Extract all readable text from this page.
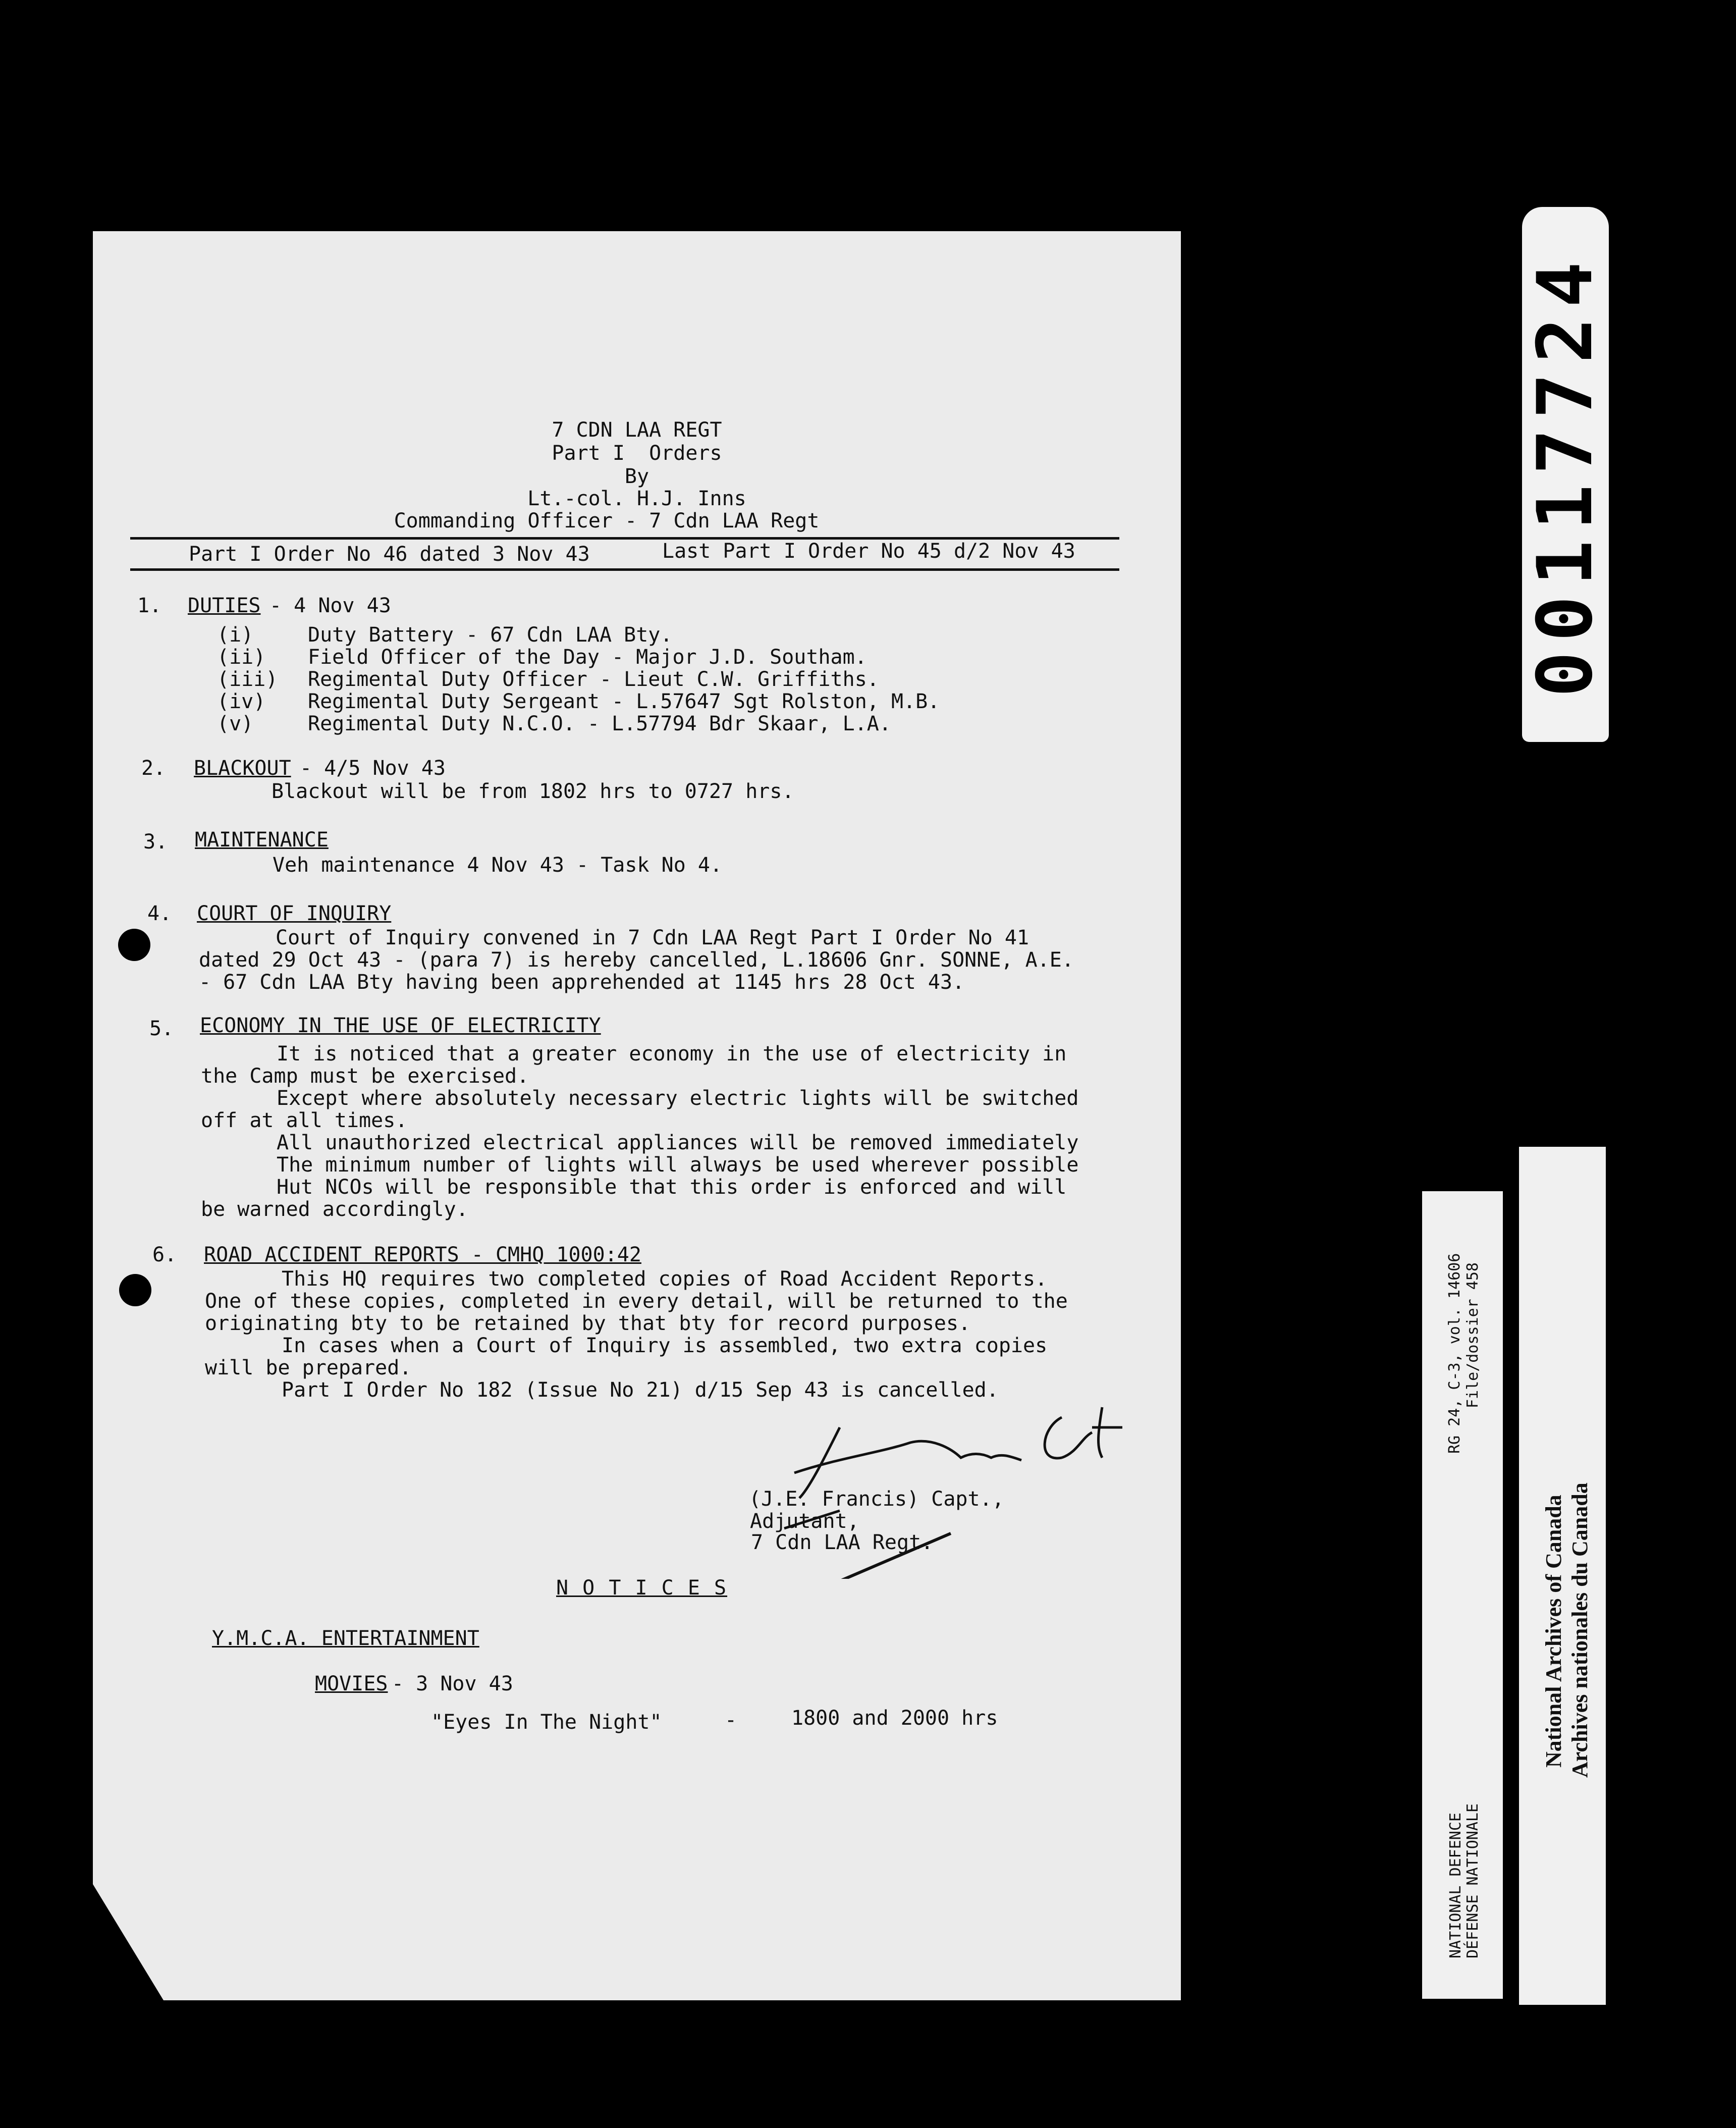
7 CDN LAA REGT
Part I  Orders
By
Lt.-col. H.J. Inns
Commanding Officer - 7 Cdn LAA Regt
Part I Order No 46 dated 3 Nov 43	Last Part I Order No 45 d/2 Nov 43
1. DUTIES - 4 Nov 43
(i)	Duty Battery - 67 Cdn LAA Bty.
(ii) Field Officer of the Day - Major J.D. Southam.
(iii) Regimental Duty Officer - Lieut C.W. Griffiths.
(iv) Regimental Duty Sergeant - L.57647 Sgt Rolston, M.B.
(v)	Regimental Duty N.C.O. - L.57794 Bdr Skaar, L.A.
2. BLACKOUT - 4/5 Nov 43
Blackout will be from 1802 hrs to 0727 hrs.
3. MAINTENANCE
Veh maintenance 4 Nov 43 - Task No 4.
4. COURT OF INQUIRY
Court of Inquiry convened in 7 Cdn LAA Regt Part I Order No 41
dated 29 Oct 43 - (para 7) is hereby cancelled, L.18606 Gnr. SONNE, A.E.
- 67 Cdn LAA Bty having been apprehended at 1145 hrs 28 Oct 43.
5. ECONOMY IN THE USE OF ELECTRICITY
It is noticed that a greater economy in the use of electricity in
the Camp must be exercised.
Except where absolutely necessary electric lights will be switched
off at all times.
All unauthorized electrical appliances will be removed immediately
The minimum number of lights will always be used wherever possible
Hut NCOs will be responsible that this order is enforced and will
be warned accordingly.
6. ROAD ACCIDENT REPORTS - CMHQ 1000:42
This HQ requires two completed copies of Road Accident Reports.
One of these copies, completed in every detail, will be returned to the
originating bty to be retained by that bty for record purposes.
In cases when a Court of Inquiry is assembled, two extra copies
will be prepared.
Part I Order No 182 (Issue No 21) d/15 Sep 43 is cancelled.
(J.E. Francis) Capt.,
Adjutant,
7 Cdn LAA Regt.
N O T I C E S
Y.M.C.A. ENTERTAINMENT
MOVIES - 3 Nov 43
"Eyes In The Night"	-	1800 and 2000 hrs
00117724
RG 24, C-3, vol. 14606 File/dossier 458
NATIONAL DEFENCE DÉFENSE NATIONALE
National Archives of Canada Archives nationales du Canada
